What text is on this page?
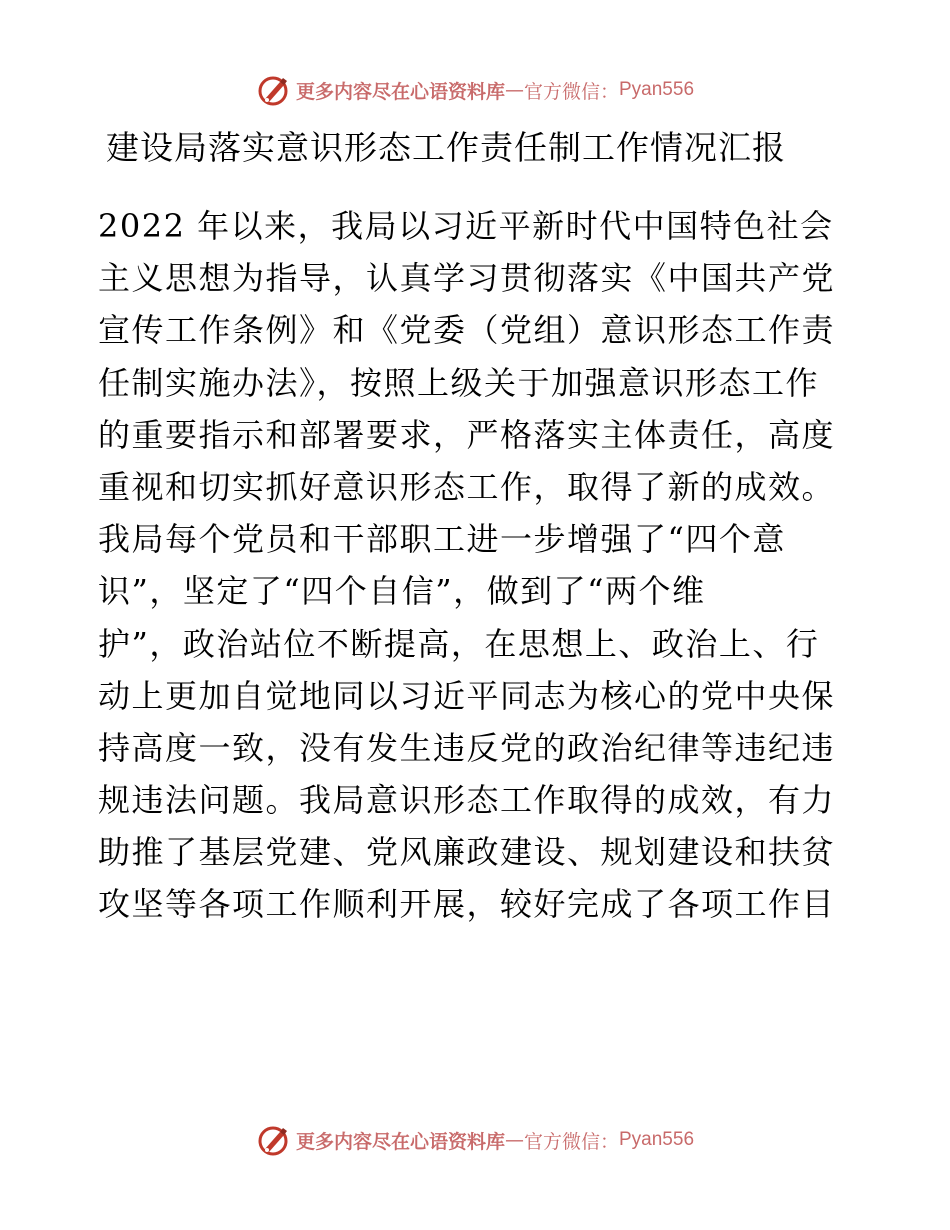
更多内容尽在心语资料库 — 官方微信： Pyan556
建设局落实意识形态工作责任制工作情况汇报
2022 年以来，我局以习近平新时代中国特色社会
主义思想为指导，认真学习贯彻落实《中国共产党
宣传工作条例》和《党委（党组）意识形态工作责
任制实施办法》，按照上级关于加强意识形态工作
的重要指示和部署要求，严格落实主体责任，高度
重视和切实抓好意识形态工作，取得了新的成效。
我局每个党员和干部职工进一步增强了“四个意
识”，坚定了“四个自信”，做到了“两个维
护”，政治站位不断提高，在思想上、政治上、行
动上更加自觉地同以习近平同志为核心的党中央保
持高度一致，没有发生违反党的政治纪律等违纪违
规违法问题。我局意识形态工作取得的成效，有力
助推了基层党建、党风廉政建设、规划建设和扶贫
攻坚等各项工作顺利开展，较好完成了各项工作目
更多内容尽在心语资料库 — 官方微信： Pyan556
